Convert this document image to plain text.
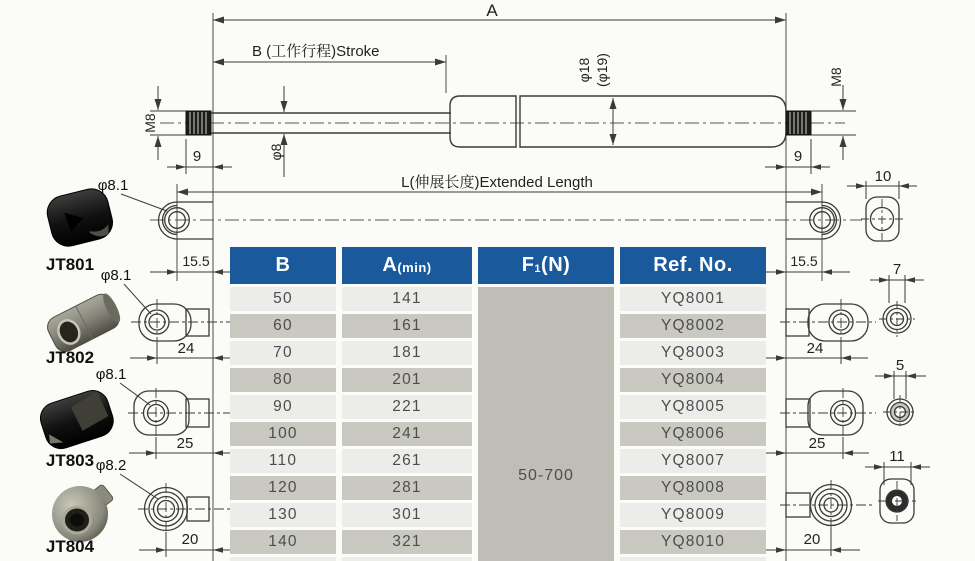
A
B (工作行程)Stroke
L(伸展长度)Extended Length
M8
M8
9	9
φ8
φ18 (φ19)
15.5
24
25
20
φ8.1
φ8.1
φ8.1
φ8.2
JT801
JT802
JT803
JT804
15.5
24
25
20
10
7
5
11
B	A (min)	F 1 (N)	Ref. No.
50-700
50	141	YQ8001
60	161	YQ8002
70	181	YQ8003
80	201	YQ8004
90	221	YQ8005
100	241	YQ8006
110	261	YQ8007
120	281	YQ8008
130	301	YQ8009
140	321	YQ8010
